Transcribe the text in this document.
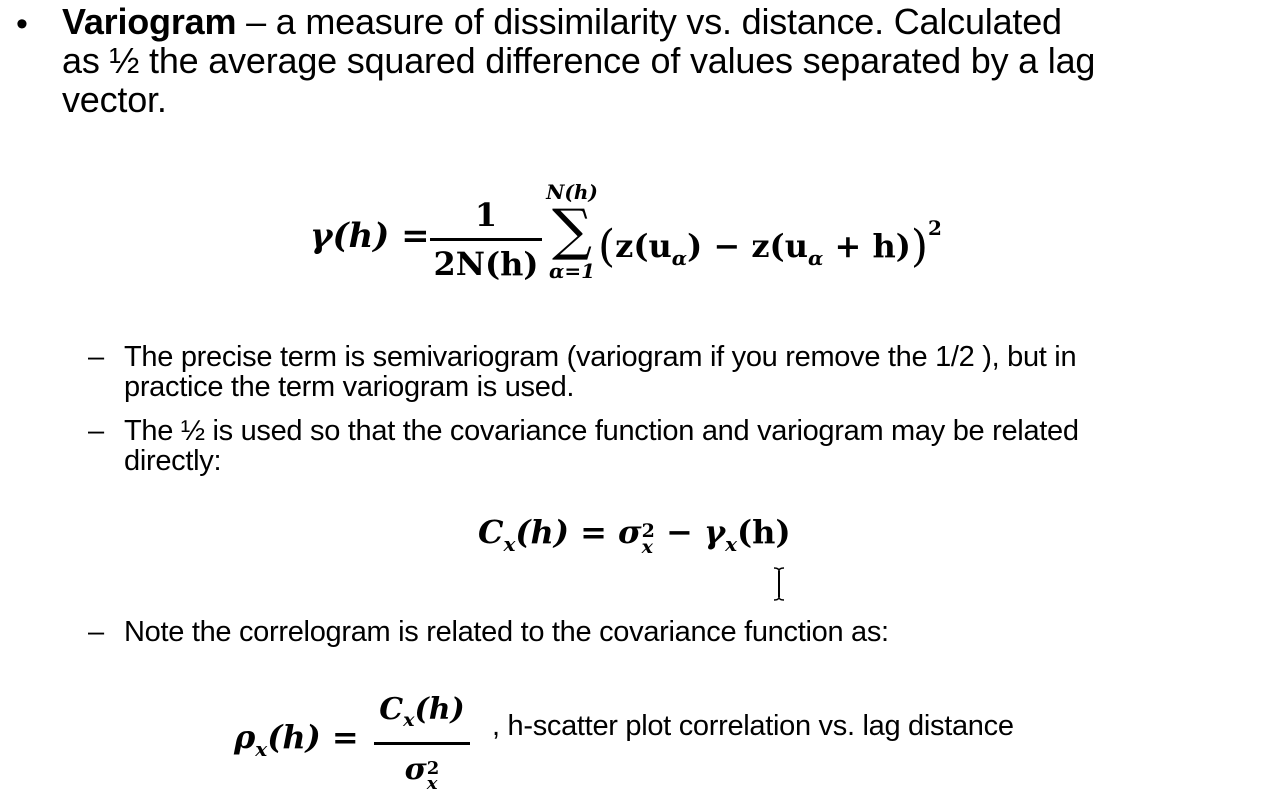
• Variogram – a measure of dissimilarity vs. distance. Calculated
as ½ the average squared difference of values separated by a lag
vector.
γ(h) =
1
2N(h)
N(h)
∑
α=1 $(z(u_\alpha) - z(u_\alpha + h))^2$
– The precise term is semivariogram (variogram if you remove the 1/2 ), but in
practice the term variogram is used.
– The ½ is used so that the covariance function and variogram may be related
directly:
$C_x(h) = \sigma$ 2
$x - \gamma_x(h)$
– Note the correlogram is related to the covariance function as:
$\rho_x(h)$ =
$C_x(h)$
σ 2
x
, h-scatter plot correlation vs. lag distance
